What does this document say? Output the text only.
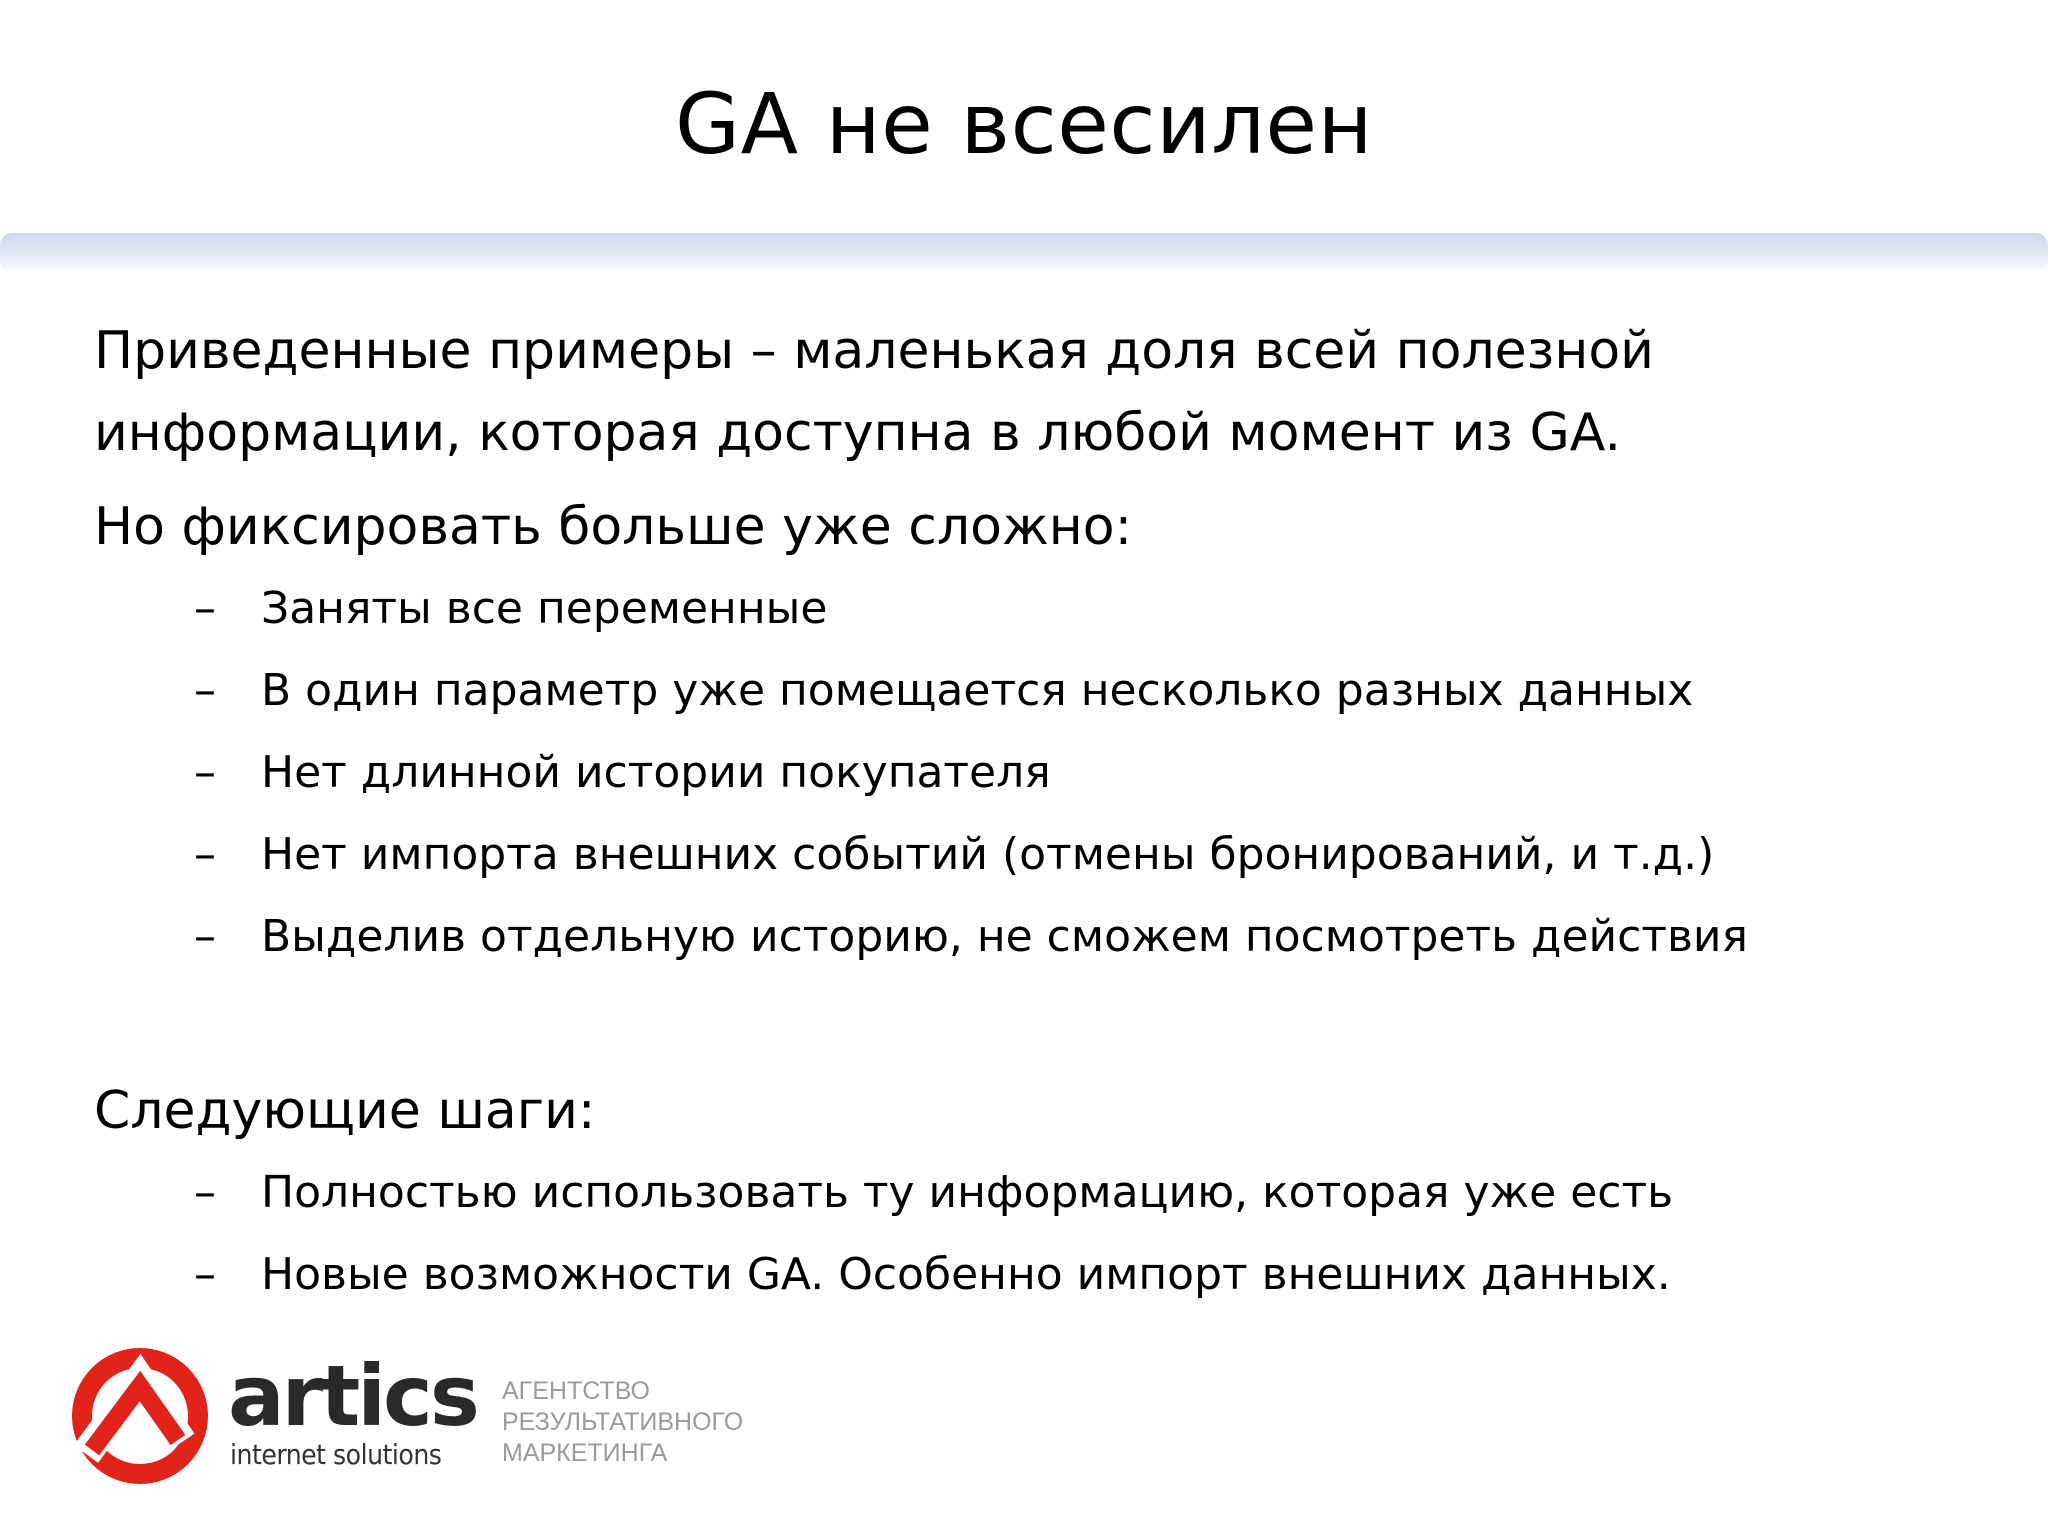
GA не всесилен

Приведенные примеры – маленькая доля всей полезной

информации, которая доступна в любой момент из GA.

Но фиксировать больше уже сложно:

– Заняты все переменные
– В один параметр уже помещается несколько разных данных
– Нет длинной истории покупателя
– Нет импорта внешних событий (отмены бронирований, и т.д.)
– Выделив отдельную историю, не сможем посмотреть действия

Следующие шаги:

– Полностью использовать ту информацию, которая уже есть
– Новые возможности GA. Особенно импорт внешних данных.
artics
internet solutions
АГЕНТСТВО
РЕЗУЛЬТАТИВНОГО
МАРКЕТИНГА
